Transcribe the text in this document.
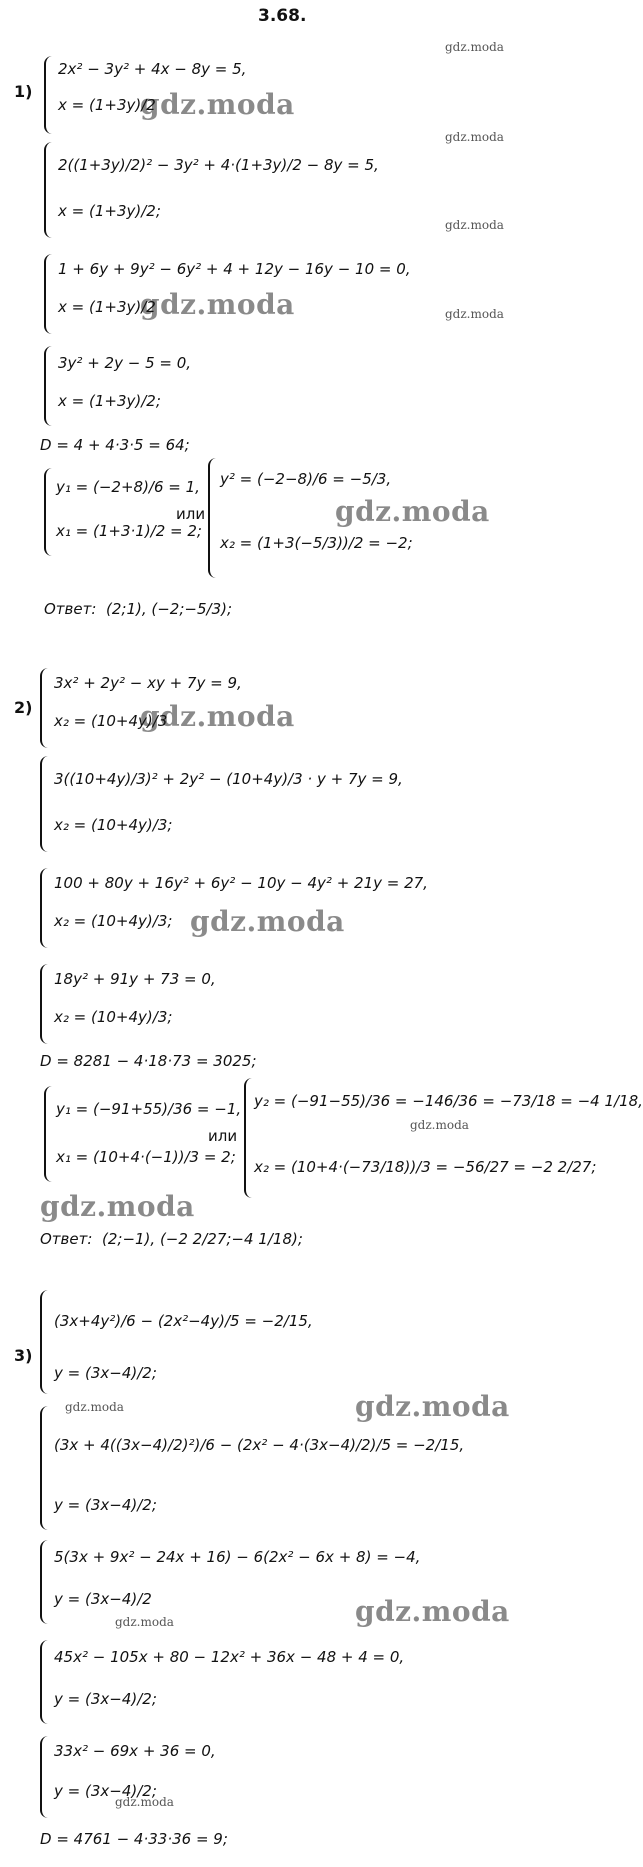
3.68.
gdz.moda
gdz.moda
gdz.moda
gdz.moda
gdz.moda
gdz.moda
gdz.moda
gdz.moda
gdz.moda
gdz.moda
gdz.moda
gdz.moda
gdz.moda
gdz.moda
gdz.moda
gdz.moda
1)
2x² − 3y² + 4x − 8y = 5,
x = (1+3y)/2
2((1+3y)/2)² − 3y² + 4·(1+3y)/2 − 8y = 5,
x = (1+3y)/2;
1 + 6y + 9y² − 6y² + 4 + 12y − 16y − 10 = 0,
x = (1+3y)/2
3y² + 2y − 5 = 0,
x = (1+3y)/2;
D = 4 + 4·3·5 = 64;
y₁ = (−2+8)/6 = 1,
x₁ = (1+3·1)/2 = 2;
или
y² = (−2−8)/6 = −5/3,
x₂ = (1+3(−5/3))/2 = −2;
Ответ: (2;1), (−2;−5/3);
2)
3x² + 2y² − xy + 7y = 9,
x₂ = (10+4y)/3
3((10+4y)/3)² + 2y² − (10+4y)/3 · y + 7y = 9,
x₂ = (10+4y)/3;
100 + 80y + 16y² + 6y² − 10y − 4y² + 21y = 27,
x₂ = (10+4y)/3;
18y² + 91y + 73 = 0,
x₂ = (10+4y)/3;
D = 8281 − 4·18·73 = 3025;
y₁ = (−91+55)/36 = −1,
x₁ = (10+4·(−1))/3 = 2;
или
y₂ = (−91−55)/36 = −146/36 = −73/18 = −4 1/18,
x₂ = (10+4·(−73/18))/3 = −56/27 = −2 2/27;
Ответ: (2;−1), (−2 2/27;−4 1/18);
3)
(3x+4y²)/6 − (2x²−4y)/5 = −2/15,
y = (3x−4)/2;
(3x + 4((3x−4)/2)²)/6 − (2x² − 4·(3x−4)/2)/5 = −2/15,
y = (3x−4)/2;
5(3x + 9x² − 24x + 16) − 6(2x² − 6x + 8) = −4,
y = (3x−4)/2
45x² − 105x + 80 − 12x² + 36x − 48 + 4 = 0,
y = (3x−4)/2;
33x² − 69x + 36 = 0,
y = (3x−4)/2;
D = 4761 − 4·33·36 = 9;
